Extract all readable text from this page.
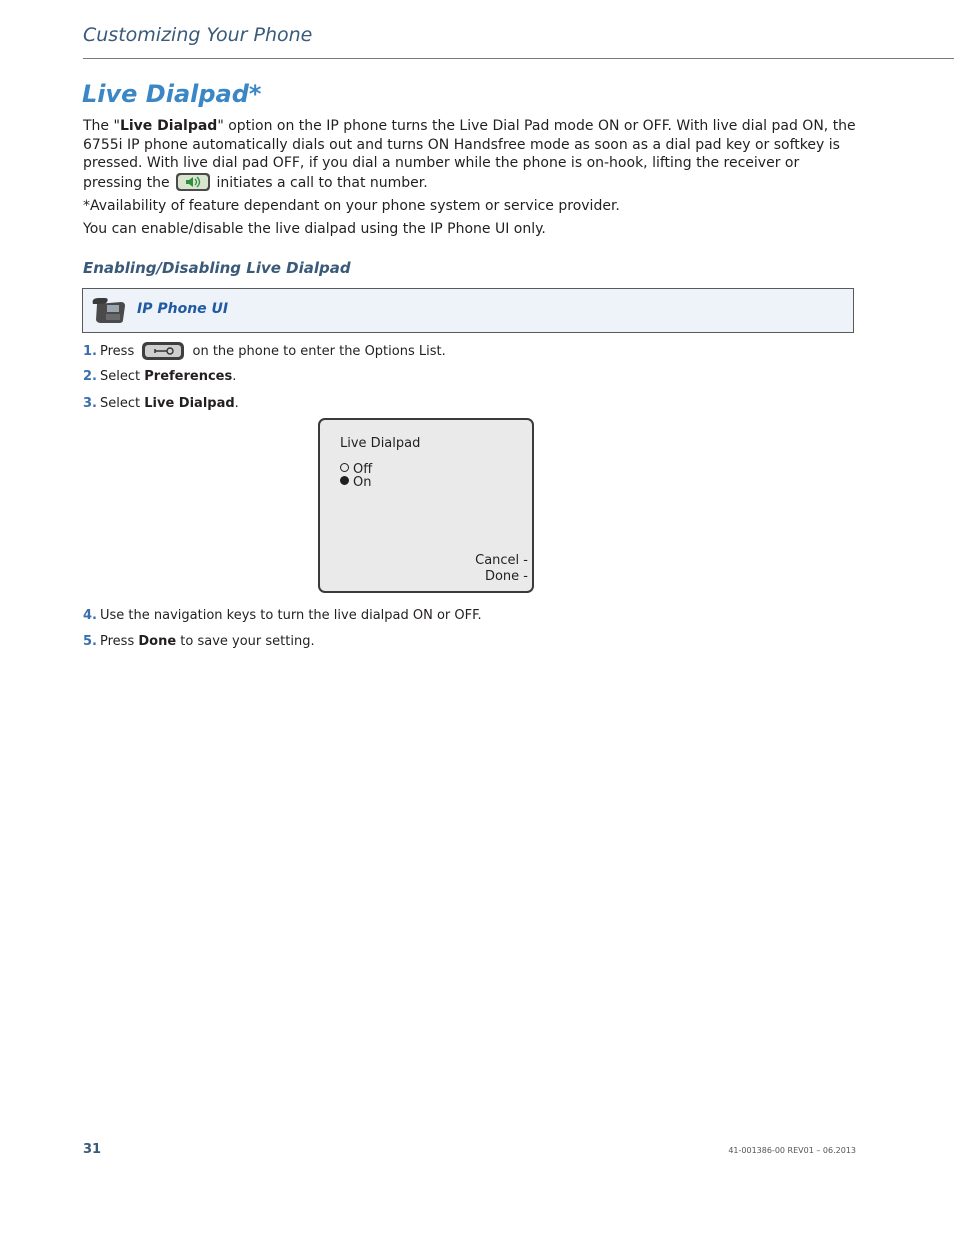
Customizing Your Phone
Live Dialpad*
The "Live Dialpad" option on the IP phone turns the Live Dial Pad mode ON or OFF. With live dial pad ON, the 6755i IP phone automatically dials out and turns ON Handsfree mode as soon as a dial pad key or softkey is pressed. With live dial pad OFF, if you dial a number while the phone is on-hook, lifting the receiver or pressing the	initiates a call to that number.
*Availability of feature dependant on your phone system or service provider.
You can enable/disable the live dialpad using the IP Phone UI only.
Enabling/Disabling Live Dialpad
IP Phone UI
1. Press	on the phone to enter the Options List.
2. Select Preferences.
3. Select Live Dialpad.
Live Dialpad
Off
On
Cancel -
Done -
4. Use the navigation keys to turn the live dialpad ON or OFF.
5. Press Done to save your setting.
31	41-001386-00 REV01 – 06.2013
